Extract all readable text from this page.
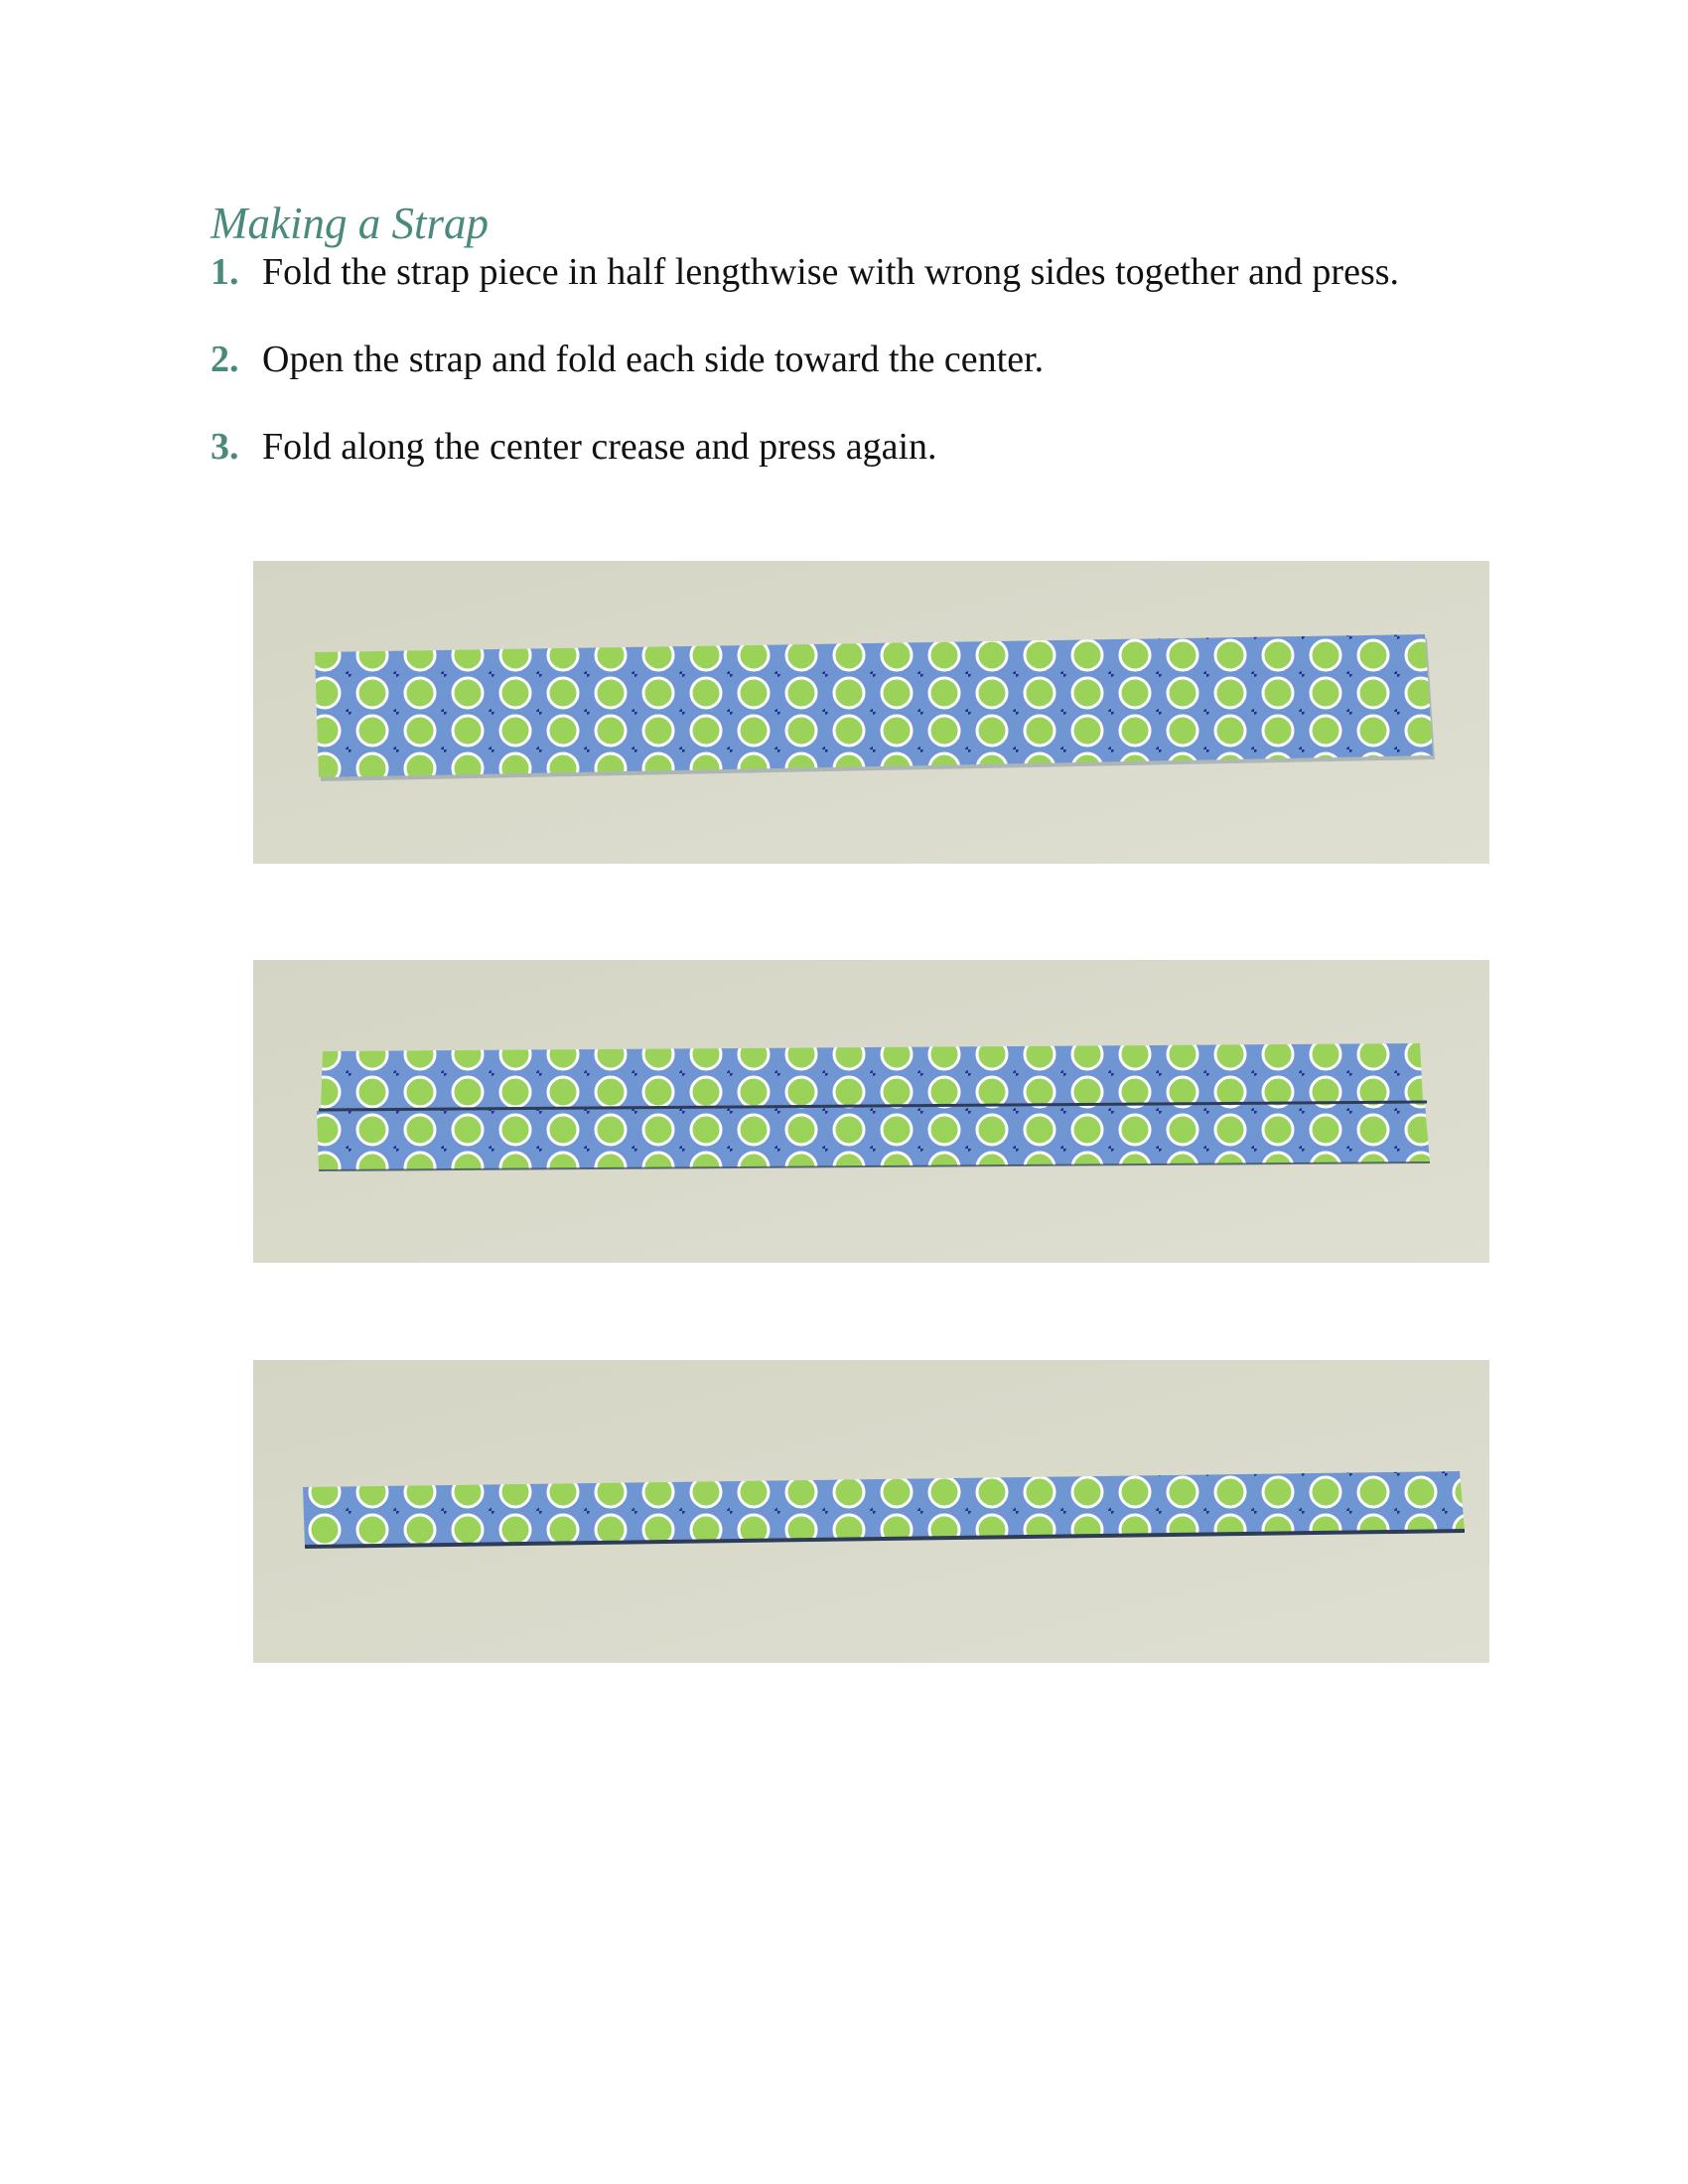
Making a Strap
1. Fold the strap piece in half lengthwise with wrong sides together and press.
2. Open the strap and fold each side toward the center.
3. Fold along the center crease and press again.
